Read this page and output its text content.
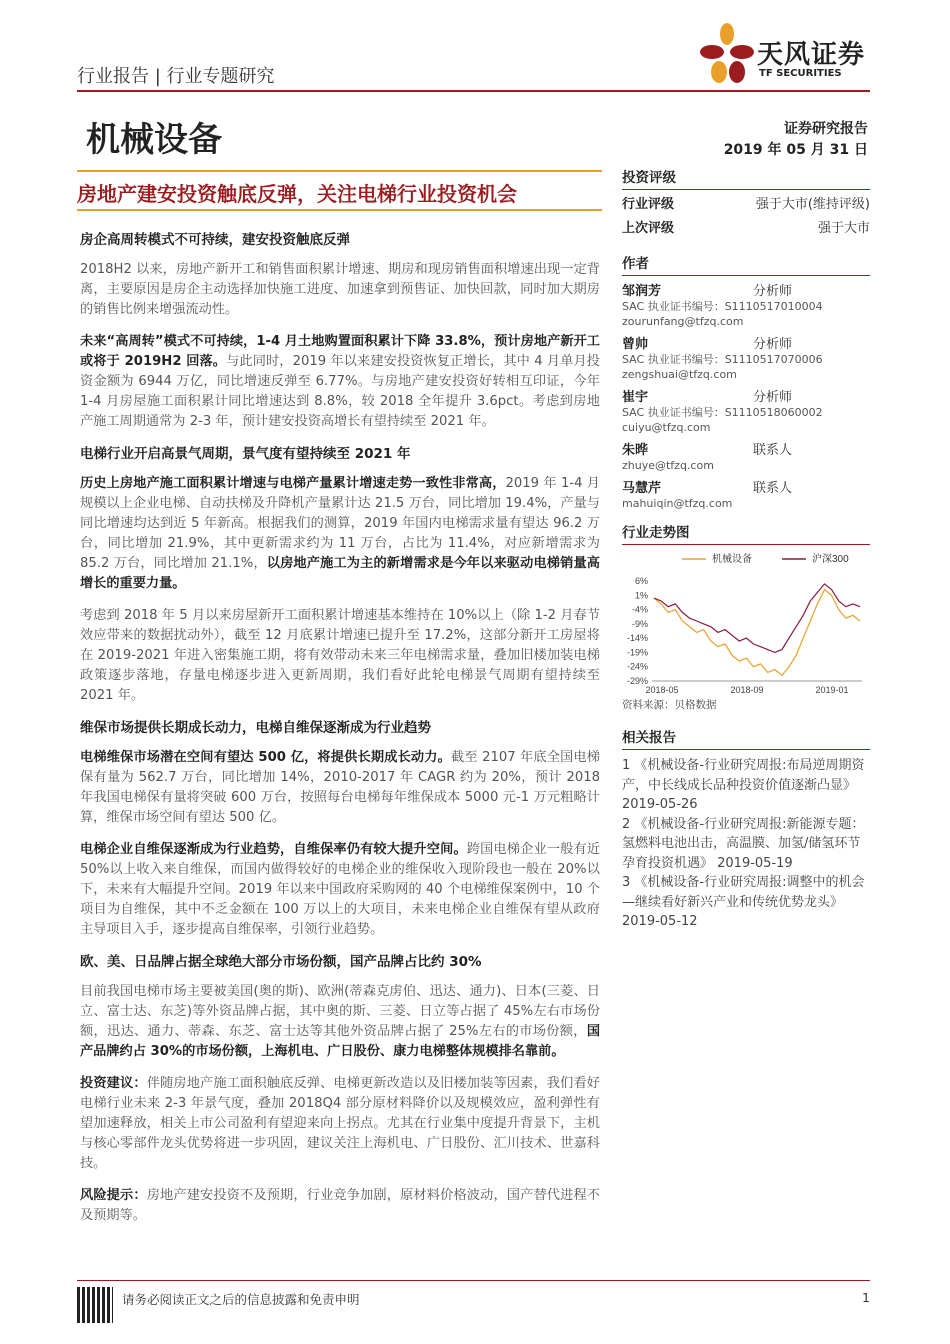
行业报告 | 行业专题研究
天风证券
TF SECURITIES
机械设备	证券研究报告
2019 年 05 月 31 日
房地产建安投资触底反弹，关注电梯行业投资机会
房企高周转模式不可持续，建安投资触底反弹

2018H2 以来，房地产新开工和销售面积累计增速、期房和现房销售面积增速出现一定背离，主要原因是房企主动选择加快施工进度、加速拿到预售证、加快回款，同时加大期房的销售比例来增强流动性。

未来“高周转”模式不可持续，1-4 月土地购置面积累计下降 33.8%，预计房地产新开工或将于 2019H2 回落。与此同时，2019 年以来建安投资恢复正增长，其中 4 月单月投资金额为 6944 万亿，同比增速反弹至 6.77%。与房地产建安投资好转相互印证，今年 1-4 月房屋施工面积累计同比增速达到 8.8%，较 2018 全年提升 3.6pct。考虑到房地产施工周期通常为 2-3 年，预计建安投资高增长有望持续至 2021 年。

电梯行业开启高景气周期，景气度有望持续至 2021 年

历史上房地产施工面积累计增速与电梯产量累计增速走势一致性非常高，2019 年 1-4 月规模以上企业电梯、自动扶梯及升降机产量累计达 21.5 万台，同比增加 19.4%，产量与同比增速均达到近 5 年新高。根据我们的测算，2019 年国内电梯需求量有望达 96.2 万台，同比增加 21.9%，其中更新需求约为 11 万台，占比为 11.4%，对应新增需求为 85.2 万台，同比增加 21.1%，以房地产施工为主的新增需求是今年以来驱动电梯销量高增长的重要力量。

考虑到 2018 年 5 月以来房屋新开工面积累计增速基本维持在 10%以上（除 1-2 月春节效应带来的数据扰动外），截至 12 月底累计增速已提升至 17.2%，这部分新开工房屋将在 2019-2021 年进入密集施工期，将有效带动未来三年电梯需求量，叠加旧楼加装电梯政策逐步落地，存量电梯逐步进入更新周期，我们看好此轮电梯景气周期有望持续至 2021 年。

维保市场提供长期成长动力，电梯自维保逐渐成为行业趋势

电梯维保市场潜在空间有望达 500 亿，将提供长期成长动力。截至 2107 年底全国电梯保有量为 562.7 万台，同比增加 14%，2010-2017 年 CAGR 约为 20%，预计 2018 年我国电梯保有量将突破 600 万台，按照每台电梯每年维保成本 5000 元-1 万元粗略计算，维保市场空间有望达 500 亿。

电梯企业自维保逐渐成为行业趋势，自维保率仍有较大提升空间。跨国电梯企业一般有近 50%以上收入来自维保，而国内做得较好的电梯企业的维保收入现阶段也一般在 20%以下，未来有大幅提升空间。2019 年以来中国政府采购网的 40 个电梯维保案例中，10 个项目为自维保，其中不乏金额在 100 万以上的大项目，未来电梯企业自维保有望从政府主导项目入手，逐步提高自维保率，引领行业趋势。

欧、美、日品牌占据全球绝大部分市场份额，国产品牌占比约 30%

目前我国电梯市场主要被美国(奥的斯)、欧洲(蒂森克虏伯、迅达、通力)、日本(三菱、日立、富士达、东芝)等外资品牌占据，其中奥的斯、三菱、日立等占据了 45%左右市场份额，迅达、通力、蒂森、东芝、富士达等其他外资品牌占据了 25%左右的市场份额，国产品牌约占 30%的市场份额，上海机电、广日股份、康力电梯整体规模排名靠前。

投资建议：伴随房地产施工面积触底反弹、电梯更新改造以及旧楼加装等因素，我们看好电梯行业未来 2-3 年景气度，叠加 2018Q4 部分原材料降价以及规模效应，盈利弹性有望加速释放，相关上市公司盈利有望迎来向上拐点。尤其在行业集中度提升背景下，主机与核心零部件龙头优势将进一步巩固，建议关注上海机电、广日股份、汇川技术、世嘉科技。

风险提示：房地产建安投资不及预期，行业竞争加剧，原材料价格波动，国产替代进程不及预期等。

投资评级
行业评级	强于大市(维持评级)
上次评级	强于大市
作者
邹润芳	分析师
SAC 执业证书编号：S1110517010004
zourunfang@tfzq.com
曾帅	分析师
SAC 执业证书编号：S1110517070006
zengshuai@tfzq.com
崔宇	分析师
SAC 执业证书编号：S1110518060002
cuiyu@tfzq.com
朱晔	联系人
zhuye@tfzq.com
马慧芹	联系人
mahuiqin@tfzq.com
行业走势图
6%
1%
-4%
-9%
-14%
-19%
-24%
-29%
2018-05	2018-09	2019-01
机械设备	沪深300
资料来源：贝格数据
相关报告
1 《机械设备-行业研究周报:布局逆周期资产，中长线成长品种投资价值逐渐凸显》 2019-05-26
2 《机械设备-行业研究周报:新能源专题：氢燃料电池出击，高温膜、加氢/储氢环节孕育投资机遇》 2019-05-19
3 《机械设备-行业研究周报:调整中的机会—继续看好新兴产业和传统优势龙头》 2019-05-12
请务必阅读正文之后的信息披露和免责申明	1
